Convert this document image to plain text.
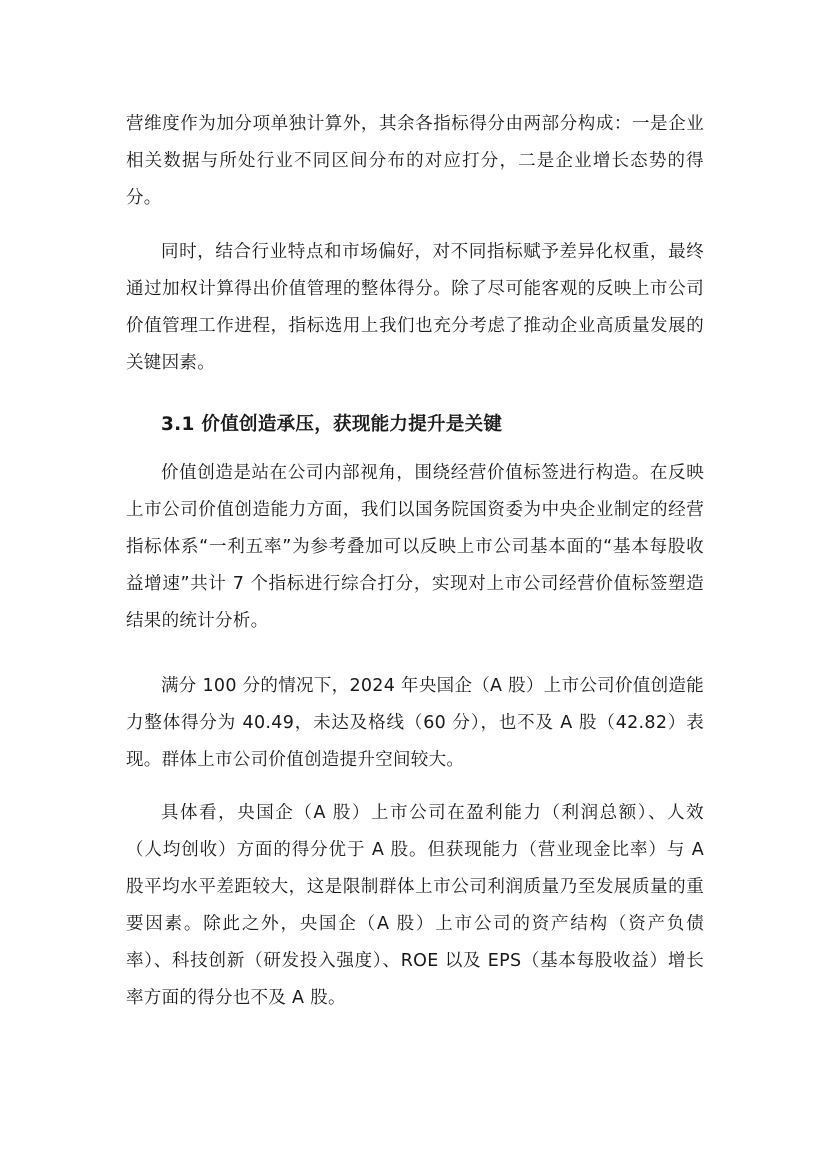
营维度作为加分项单独计算外，其余各指标得分由两部分构成：一是企业相关数据与所处行业不同区间分布的对应打分，二是企业增长态势的得分。

同时，结合行业特点和市场偏好，对不同指标赋予差异化权重，最终通过加权计算得出价值管理的整体得分。除了尽可能客观的反映上市公司价值管理工作进程，指标选用上我们也充分考虑了推动企业高质量发展的关键因素。

3.1 价值创造承压，获现能力提升是关键

价值创造是站在公司内部视角，围绕经营价值标签进行构造。在反映上市公司价值创造能力方面，我们以国务院国资委为中央企业制定的经营指标体系“一利五率”为参考叠加可以反映上市公司基本面的“基本每股收益增速”共计 7 个指标进行综合打分，实现对上市公司经营价值标签塑造结果的统计分析。

满分 100 分的情况下，2024 年央国企（A 股）上市公司价值创造能力整体得分为 40.49，未达及格线（60 分），也不及 A 股（42.82）表现。群体上市公司价值创造提升空间较大。

具体看，央国企（A 股）上市公司在盈利能力（利润总额）、人效（人均创收）方面的得分优于 A 股。但获现能力（营业现金比率）与 A 股平均水平差距较大，这是限制群体上市公司利润质量乃至发展质量的重要因素。除此之外，央国企（A 股）上市公司的资产结构（资产负债率）、科技创新（研发投入强度）、ROE 以及 EPS（基本每股收益）增长率方面的得分也不及 A 股。
